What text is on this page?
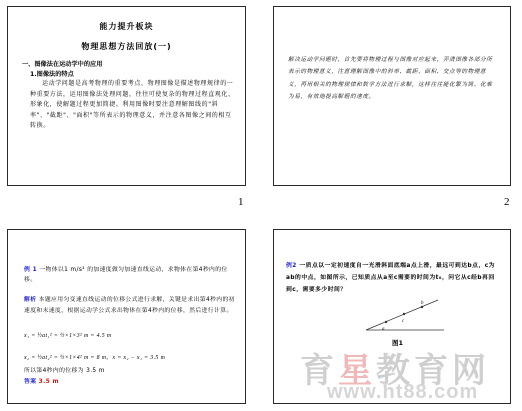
能力提升板块
物理思想方法回放(一)
一、图像法在运动学中的应用
1.图像法的特点
运动学问题是高考物理的重要考点，物理图像是描述物理规律的一种重要方法，运用图像法处理问题，往往可使复杂的物理过程直观化、形象化，使解题过程更加简捷。利用图像时要注意理解图线的"斜率"、"截距"、"面积"等所表示的物理意义，并注意各图像之间的相互转换。
1
解决运动学问题时，首先要将物理过程与图像对应起来，弄清图像各部分所表示的物理意义，注意理解图像中的斜率、截距、面积、交点等的物理意义，再用相关的物理规律和数学方法进行求解，这样往往能化繁为简、化难为易，有效地提高解题的速度。
2
例 1 一物体以1 m/s² 的加速度做匀加速直线运动，求物体在第4秒内的位移。
解析 本题应用匀变速直线运动的位移公式进行求解，关键是求出第4秒内的初速度和末速度，根据运动学公式求出物体在第4秒内的位移，然后进行计算。
x₁ = ½at₁² = ½×1×3² m = 4.5 m
x₂ = ½at₂² = ½×1×4² m = 8 m，x = x₂ − x₁ = 3.5 m
所以第4秒内的位移为 3.5 m
答案 3.5 m
例2 一质点以一定初速度自一光滑斜面底端a点上滑，最远可到达b点，c为ab的中点，如图所示，已知质点从a至c需要的时间为t₀，问它从c经b再回到c，需要多少时间？
a
c
b
图1
育星教育网
www.ht88.com
